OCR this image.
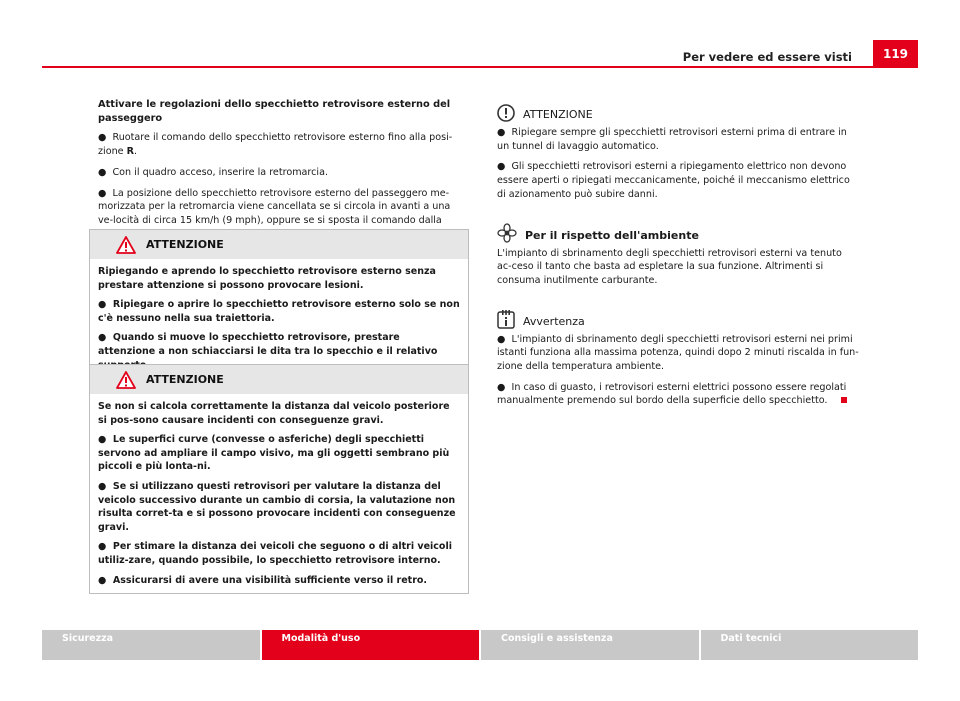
Per vedere ed essere visti	119
Attivare le regolazioni dello specchietto retrovisore esterno del passeggero

●  Ruotare il comando dello specchietto retrovisore esterno fino alla posi-zione R.

●  Con il quadro acceso, inserire la retromarcia.

●  La posizione dello specchietto retrovisore esterno del passeggero me-morizzata per la retromarcia viene cancellata se si circola in avanti a una ve-locità di circa 15 km/h (9 mph), oppure se si sposta il comando dalla

ATTENZIONE

Ripiegando e aprendo lo specchietto retrovisore esterno senza prestare attenzione si possono provocare lesioni.

●  Ripiegare o aprire lo specchietto retrovisore esterno solo se non c'è nessuno nella sua traiettoria.

●  Quando si muove lo specchietto retrovisore, prestare attenzione a non schiacciarsi le dita tra lo specchio e il relativo

ATTENZIONE

Se non si calcola correttamente la distanza dal veicolo posteriore si pos-sono causare incidenti con conseguenze gravi.

●  Le superfici curve (convesse o asferiche) degli specchietti servono ad ampliare il campo visivo, ma gli oggetti sembrano più piccoli e più lonta-ni.

●  Se si utilizzano questi retrovisori per valutare la distanza del veicolo successivo durante un cambio di corsia, la valutazione non risulta corret-ta e si possono provocare incidenti con conseguenze gravi.

●  Per stimare la distanza dei veicoli che seguono o di altri veicoli utiliz-zare, quando possibile, lo specchietto retrovisore interno.

●  Assicurarsi di avere una visibilità sufficiente verso il retro.

ATTENZIONE

●  Ripiegare sempre gli specchietti retrovisori esterni prima di entrare in un tunnel di lavaggio automatico.

●  Gli specchietti retrovisori esterni a ripiegamento elettrico non devono essere aperti o ripiegati meccanicamente, poiché il meccanismo elettrico di azionamento può subire danni.

Per il rispetto dell'ambiente

L'impianto di sbrinamento degli specchietti retrovisori esterni va tenuto ac-ceso il tanto che basta ad espletare la sua funzione. Altrimenti si consuma inutilmente carburante.

Avvertenza

●  L'impianto di sbrinamento degli specchietti retrovisori esterni nei primi istanti funziona alla massima potenza, quindi dopo 2 minuti riscalda in fun-zione della temperatura ambiente.

●  In caso di guasto, i retrovisori esterni elettrici possono essere regolati manualmente premendo sul bordo della superficie dello specchietto.

Sicurezza	Modalità d'uso	Consigli e assistenza	Dati tecnici
